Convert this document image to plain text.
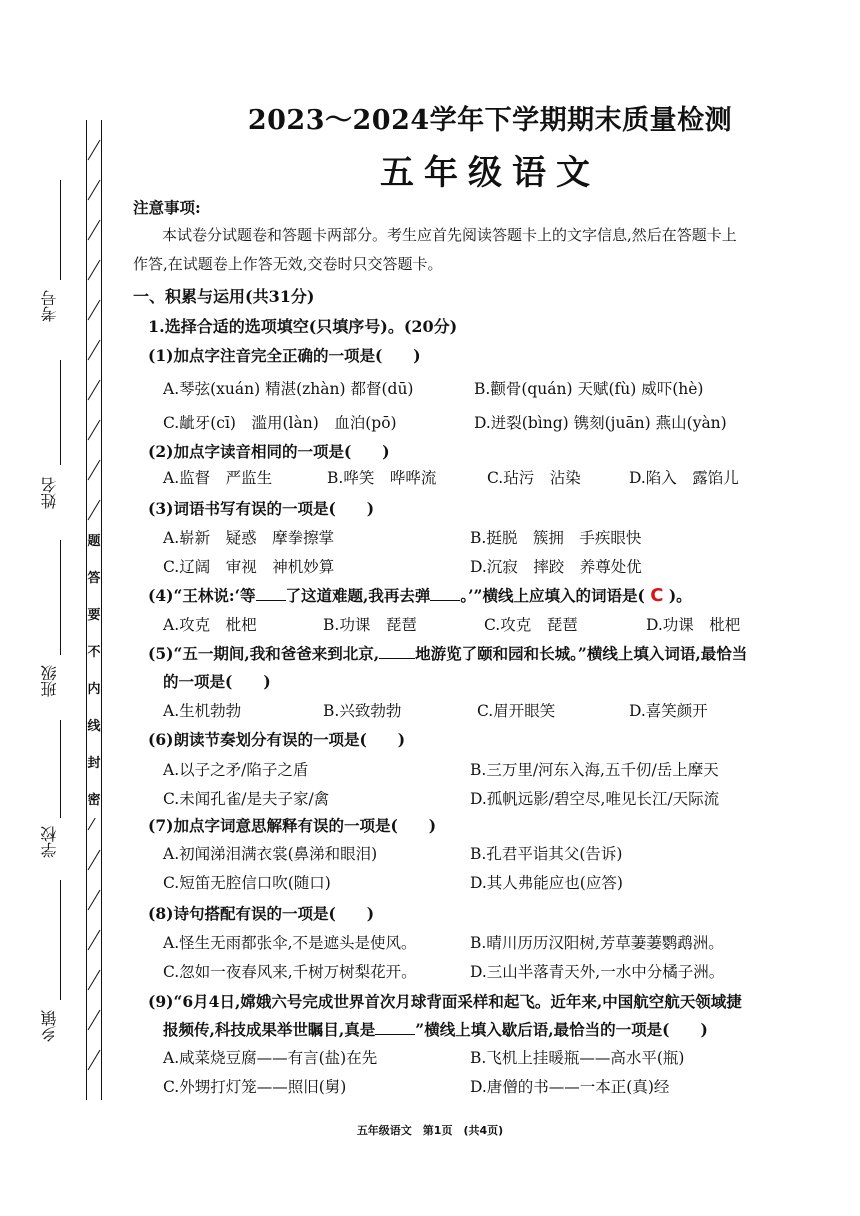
题
答
要
不
内
线
封
密
考号
姓名
班级
学校
乡镇
2023～2024学年下学期期末质量检测
五年级语文
注意事项:
本试卷分试题卷和答题卡两部分。考生应首先阅读答题卡上的文字信息,然后在答题卡上
作答,在试题卷上作答无效,交卷时只交答题卡。
一、积累与运用(共31分)
1.选择合适的选项填空(只填序号)。(20分)
(1)加点字注音完全正确的一项是(　　)
A.琴弦(xuán) 精湛(zhàn) 都督(dū)	B.颧骨(quán) 天赋(fù) 威吓(hè)
C.龇牙(cī)　滥用(làn)　血泊(pō)	D.迸裂(bìng) 镌刻(juān) 燕山(yàn)
(2)加点字读音相同的一项是(　　)
A.监督　严监生	B.哗笑　哗哗流	C.玷污　沾染	D.陷入　露馅儿
(3)词语书写有误的一项是(　　)
A.崭新　疑惑　摩拳擦掌	B.挺脱　簇拥　手疾眼快
C.辽阔　审视　神机妙算	D.沉寂　摔跤　养尊处优
(4)“王林说:‘等 了这道难题,我再去弹 。’”横线上应填入的词语是( C )。
A.攻克　枇杷	B.功课　琵琶	C.攻克　琵琶	D.功课　枇杷
(5)“五一期间,我和爸爸来到北京, 地游览了颐和园和长城。”横线上填入词语,最恰当
的一项是(　　)
A.生机勃勃	B.兴致勃勃	C.眉开眼笑	D.喜笑颜开
(6)朗读节奏划分有误的一项是(　　)
A.以子之矛/陷子之盾	B.三万里/河东入海,五千仞/岳上摩天
C.未闻孔雀/是夫子家/禽	D.孤帆远影/碧空尽,唯见长江/天际流
(7)加点字词意思解释有误的一项是(　　)
A.初闻涕泪满衣裳(鼻涕和眼泪)	B.孔君平诣其父(告诉)
C.短笛无腔信口吹(随口)	D.其人弗能应也(应答)
(8)诗句搭配有误的一项是(　　)
A.怪生无雨都张伞,不是遮头是使风。	B.晴川历历汉阳树,芳草萋萋鹦鹉洲。
C.忽如一夜春风来,千树万树梨花开。	D.三山半落青天外,一水中分橘子洲。
(9)“6月4日,嫦娥六号完成世界首次月球背面采样和起飞。近年来,中国航空航天领域捷
报频传,科技成果举世瞩目,真是	”横线上填入歇后语,最恰当的一项是(　　)
A.咸菜烧豆腐——有言(盐)在先	B.飞机上挂暖瓶——高水平(瓶)
C.外甥打灯笼——照旧(舅)	D.唐僧的书——一本正(真)经
五年级语文　第1页　(共4页)
